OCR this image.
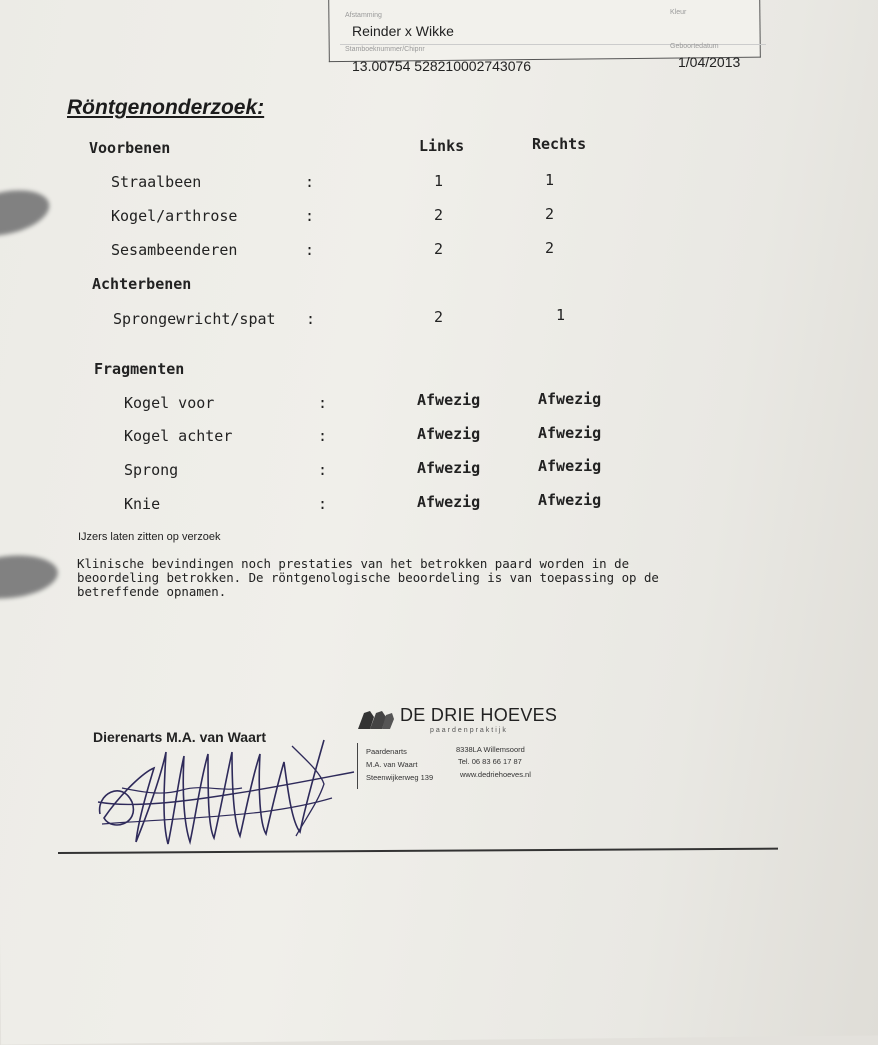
Afstamming	Kleur
Reinder x Wikke
Stamboeknummer/Chipnr	Geboortedatum
13.00754 528210002743076	1/04/2013
Röntgenonderzoek:
Links	Rechts
Voorbenen
Straalbeen	:	1	1
Kogel/arthrose	:	2	2
Sesambeenderen	:	2	2
Achterbenen
Sprongewricht/spat :	2	1
Fragmenten
Kogel voor	:	Afwezig	Afwezig
Kogel achter	:	Afwezig	Afwezig
Sprong	:	Afwezig	Afwezig
Knie	:	Afwezig	Afwezig
IJzers laten zitten op verzoek
Klinische bevindingen noch prestaties van het betrokken paard worden in de
beoordeling betrokken. De röntgenologische beoordeling is van toepassing op de
betreffende opnamen.
Dierenarts M.A. van Waart
DE DRIE HOEVES
paardenpraktijk
Paardenarts	8338LA Willemsoord
M.A. van Waart	Tel. 06 83 66 17 87
Steenwijkerweg 139	www.dedriehoeves.nl
